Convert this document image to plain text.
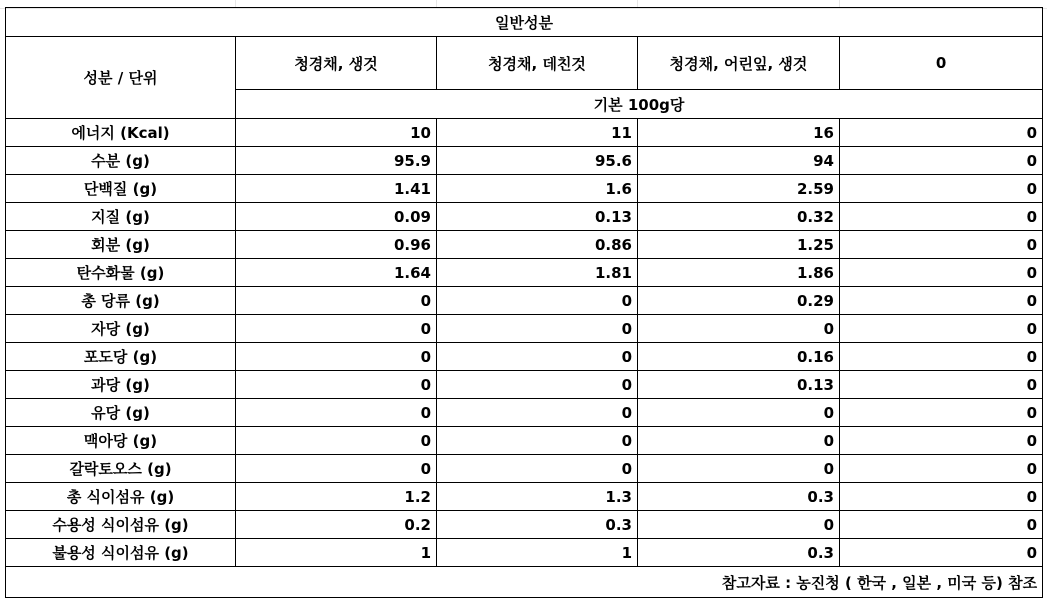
일반성분				
성분 / 단위	청경채, 생것	청경채, 데친것	청경채, 어린잎, 생것	0
	기본 100g당			
에너지 (Kcal)	10	11	16	0
수분 (g)	95.9	95.6	94	0
단백질 (g)	1.41	1.6	2.59	0
지질 (g)	0.09	0.13	0.32	0
회분 (g)	0.96	0.86	1.25	0
탄수화물 (g)	1.64	1.81	1.86	0
총 당류 (g)	0	0	0.29	0
자당 (g)	0	0	0	0
포도당 (g)	0	0	0.16	0
과당 (g)	0	0	0.13	0
유당 (g)	0	0	0	0
맥아당 (g)	0	0	0	0
갈락토오스 (g)	0	0	0	0
총 식이섬유 (g)	1.2	1.3	0.3	0
수용성 식이섬유 (g)	0.2	0.3	0	0
불용성 식이섬유 (g)	1	1	0.3	0
참고자료 : 농진청 ( 한국 , 일본 , 미국 등) 참조				
